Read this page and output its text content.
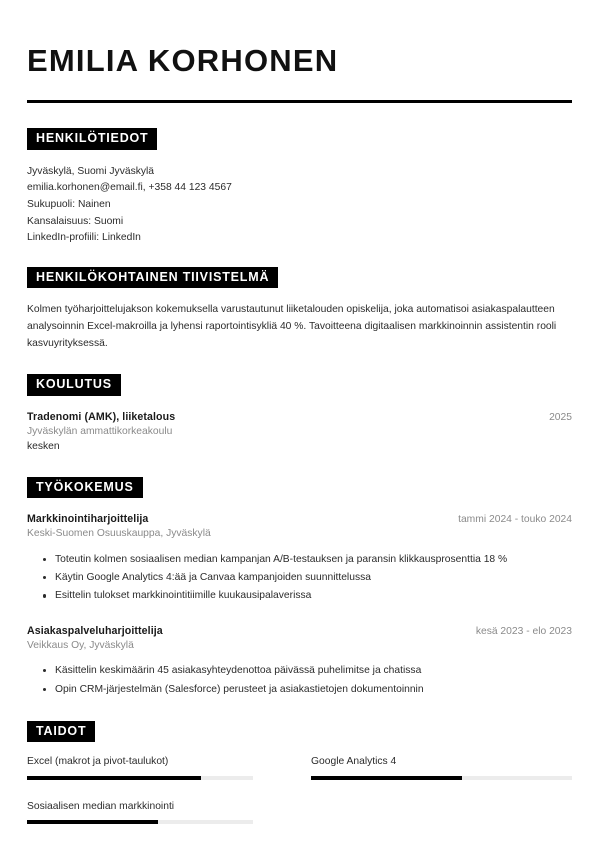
EMILIA KORHONEN
HENKILÖTIEDOT
Jyväskylä, Suomi Jyväskylä
emilia.korhonen@email.fi, +358 44 123 4567
Sukupuoli: Nainen
Kansalaisuus: Suomi
LinkedIn-profiili: LinkedIn
HENKILÖKOHTAINEN TIIVISTELMÄ
Kolmen työharjoittelujakson kokemuksella varustautunut liiketalouden opiskelija, joka automatisoi asiakaspalautteen analysoinnin Excel-makroilla ja lyhensi raportointisykliä 40 %. Tavoitteena digitaalisen markkinoinnin assistentin rooli kasvuyrityksessä.
KOULUTUS
Tradenomi (AMK), liiketalous	2025
Jyväskylän ammattikorkeakoulu
kesken
TYÖKOKEMUS
Markkinointiharjoittelija	tammi 2024 - touko 2024
Keski-Suomen Osuuskauppa, Jyväskylä
Toteutin kolmen sosiaalisen median kampanjan A/B-testauksen ja paransin klikkausprosenttia 18 %
Käytin Google Analytics 4:ää ja Canvaa kampanjoiden suunnittelussa
Esittelin tulokset markkinointitiimille kuukausipalaverissa
Asiakaspalveluharjoittelija	kesä 2023 - elo 2023
Veikkaus Oy, Jyväskylä
Käsittelin keskimäärin 45 asiakasyhteydenottoa päivässä puhelimitse ja chatissa
Opin CRM-järjestelmän (Salesforce) perusteet ja asiakastietojen dokumentoinnin
TAIDOT
Excel (makrot ja pivot-taulukot)	Google Analytics 4
Sosiaalisen median markkinointi
